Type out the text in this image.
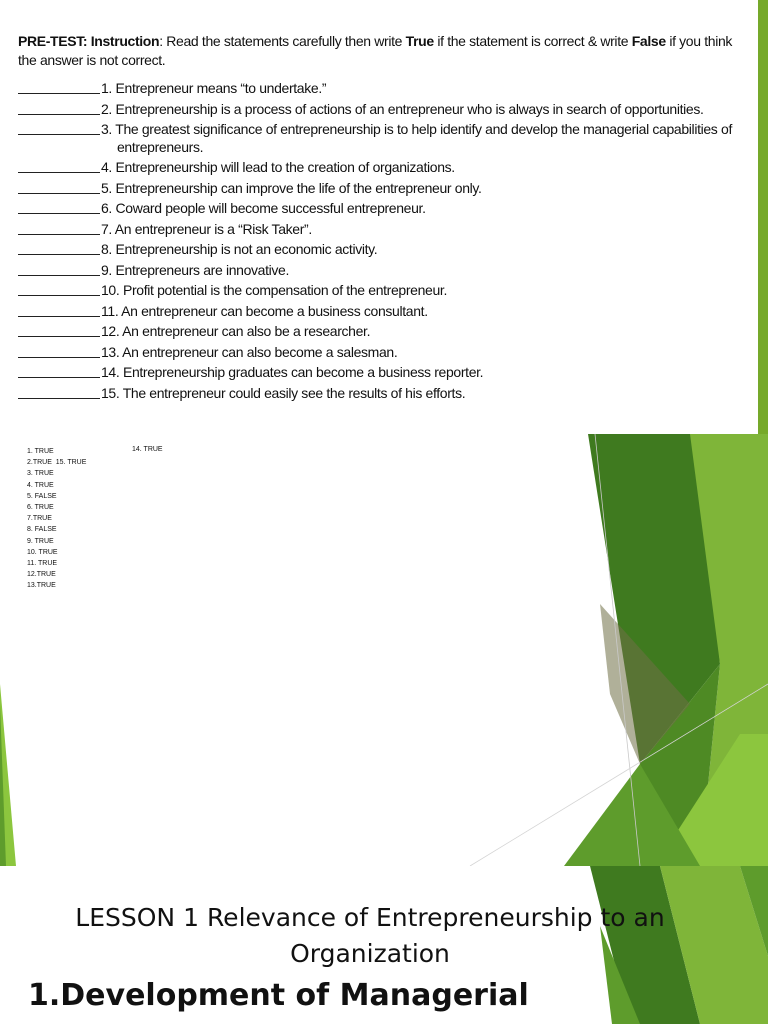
PRE-TEST: Instruction: Read the statements carefully then write True if the statement is correct & write False if you think the answer is not correct.
1. Entrepreneur means “to undertake.”
2. Entrepreneurship is a process of actions of an entrepreneur who is always in search of opportunities.
3. The greatest significance of entrepreneurship is to help identify and develop the managerial capabilities of
entrepreneurs.
4. Entrepreneurship will lead to the creation of organizations.
5. Entrepreneurship can improve the life of the entrepreneur only.
6. Coward people will become successful entrepreneur.
7. An entrepreneur is a “Risk Taker”.
8. Entrepreneurship is not an economic activity.
9. Entrepreneurs are innovative.
10. Profit potential is the compensation of the entrepreneur.
11. An entrepreneur can become a business consultant.
12. An entrepreneur can also be a researcher.
13. An entrepreneur can also become a salesman.
14. Entrepreneurship graduates can become a business reporter.
15. The entrepreneur could easily see the results of his efforts.
1. TRUE
2.TRUE  15. TRUE
3. TRUE
4. TRUE
5. FALSE
6. TRUE
7.TRUE
8. FALSE
9. TRUE
10. TRUE
11. TRUE
12.TRUE
13.TRUE
14. TRUE
LESSON 1 Relevance of Entrepreneurship to an Organization
1.Development of Managerial
